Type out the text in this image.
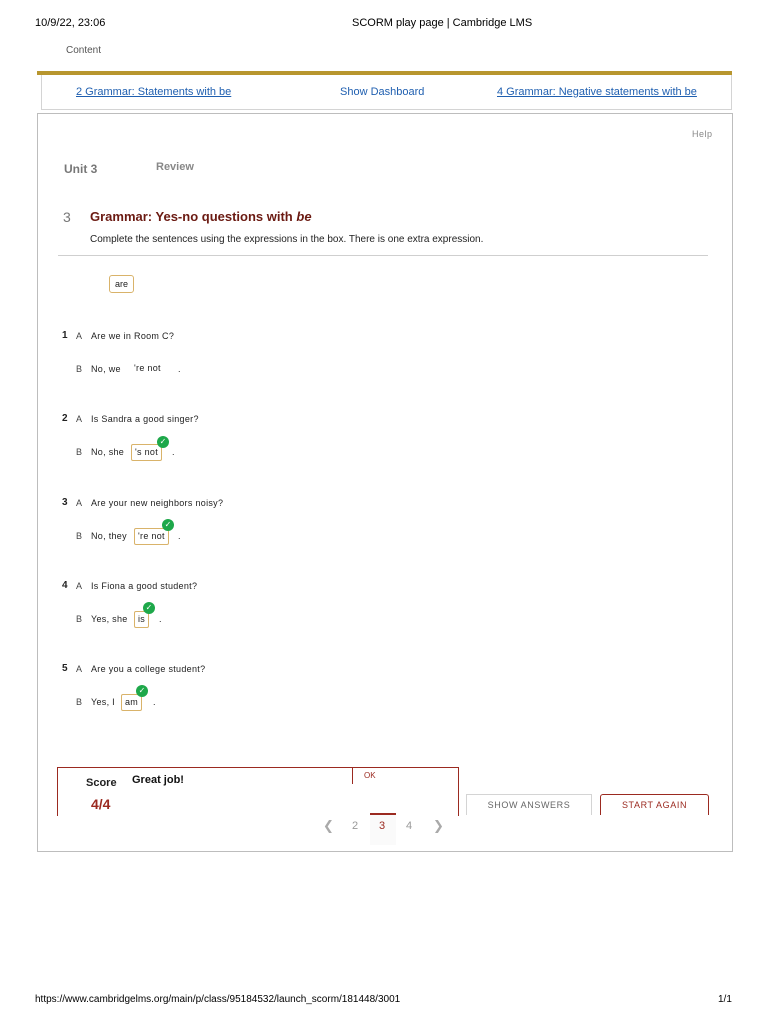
10/9/22, 23:06	SCORM play page | Cambridge LMS
Content
2 Grammar: Statements with be	Show Dashboard	4 Grammar: Negative statements with be
Help
Unit 3	Review
3 Grammar: Yes-no questions with be
Complete the sentences using the expressions in the box. There is one extra expression.
are
1 A Are we in Room C?
B No, we	're not	.
2 A Is Sandra a good singer?
B No, she	's not
✓
.
3 A Are your new neighbors noisy?
B No, they	're not
✓
.
4 A Is Fiona a good student?
B Yes, she	is
✓
.
5 A Are you a college student?
B Yes, I	am
✓
.
Score
4/4
Great job!	OK
SHOW ANSWERS	START AGAIN
❮ 2 3 4 ❯
https://www.cambridgelms.org/main/p/class/95184532/launch_scorm/181448/3001	1/1
